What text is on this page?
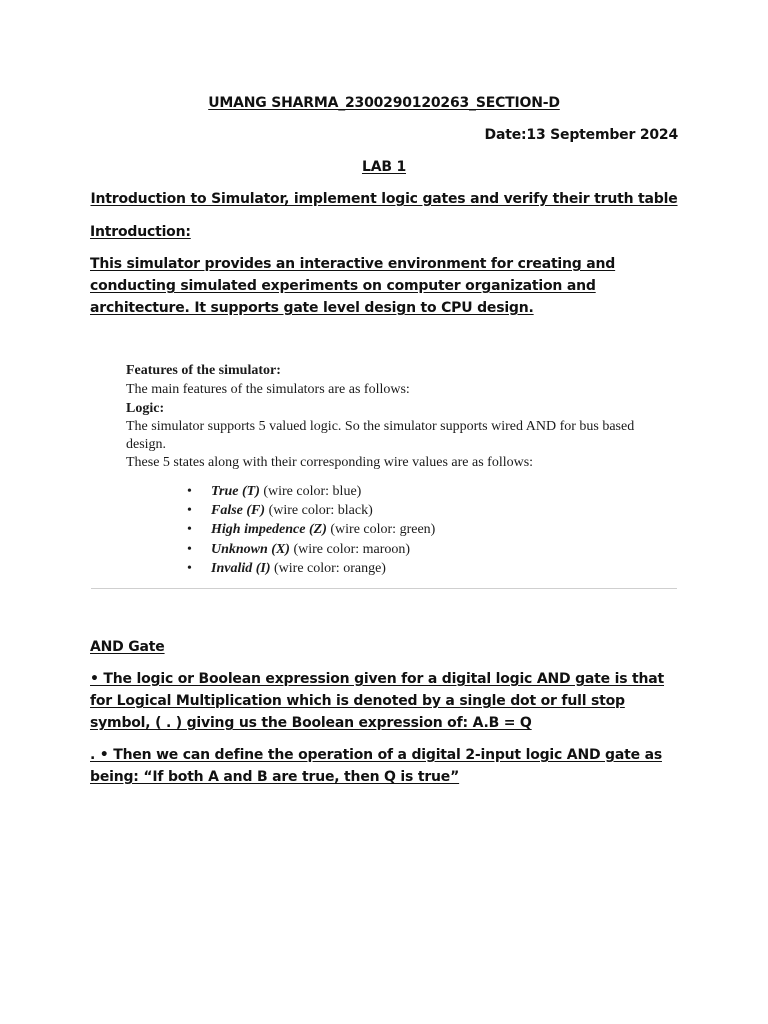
UMANG SHARMA_2300290120263_SECTION-D
Date:13 September 2024
LAB 1
Introduction to Simulator, implement logic gates and verify their truth table
Introduction:
This simulator provides an interactive environment for creating and conducting simulated experiments on computer organization and architecture. It supports gate level design to CPU design.
Features of the simulator:
The main features of the simulators are as follows:
Logic:
The simulator supports 5 valued logic. So the simulator supports wired AND for bus based
design.
These 5 states along with their corresponding wire values are as follows:
• True (T) (wire color: blue)
• False (F) (wire color: black)
• High impedence (Z) (wire color: green)
• Unknown (X) (wire color: maroon)
• Invalid (I) (wire color: orange)
AND Gate
• The logic or Boolean expression given for a digital logic AND gate is that for Logical Multiplication which is denoted by a single dot or full stop symbol, ( . ) giving us the Boolean expression of: A.B = Q
. • Then we can define the operation of a digital 2-input logic AND gate as being: “If both A and B are true, then Q is true”
